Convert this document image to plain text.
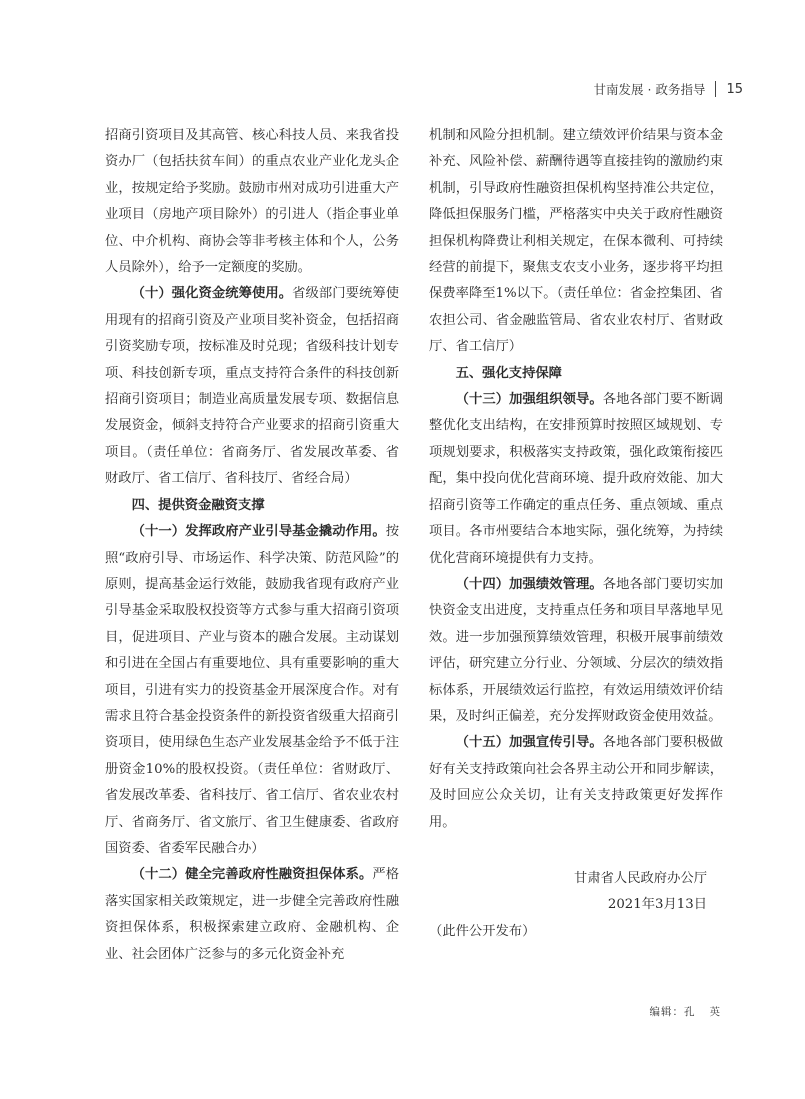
甘南发展 · 政务指导 15

招商引资项目及其高管、核心科技人员、来我省投资办厂（包括扶贫车间）的重点农业产业化龙头企业，按规定给予奖励。鼓励市州对成功引进重大产业项目（房地产项目除外）的引进人（指企事业单位、中介机构、商协会等非考核主体和个人，公务人员除外），给予一定额度的奖励。

（十）强化资金统筹使用。省级部门要统筹使用现有的招商引资及产业项目奖补资金，包括招商引资奖励专项，按标准及时兑现；省级科技计划专项、科技创新专项，重点支持符合条件的科技创新招商引资项目；制造业高质量发展专项、数据信息发展资金，倾斜支持符合产业要求的招商引资重大项目。（责任单位：省商务厅、省发展改革委、省财政厅、省工信厅、省科技厅、省经合局）

四、提供资金融资支撑

（十一）发挥政府产业引导基金撬动作用。按照“政府引导、市场运作、科学决策、防范风险”的原则，提高基金运行效能，鼓励我省现有政府产业引导基金采取股权投资等方式参与重大招商引资项目，促进项目、产业与资本的融合发展。主动谋划和引进在全国占有重要地位、具有重要影响的重大项目，引进有实力的投资基金开展深度合作。对有需求且符合基金投资条件的新投资省级重大招商引资项目，使用绿色生态产业发展基金给予不低于注册资金10%的股权投资。（责任单位：省财政厅、省发展改革委、省科技厅、省工信厅、省农业农村厅、省商务厅、省文旅厅、省卫生健康委、省政府国资委、省委军民融合办）

（十二）健全完善政府性融资担保体系。严格落实国家相关政策规定，进一步健全完善政府性融资担保体系，积极探索建立政府、金融机构、企业、社会团体广泛参与的多元化资金补充

机制和风险分担机制。建立绩效评价结果与资本金补充、风险补偿、薪酬待遇等直接挂钩的激励约束机制，引导政府性融资担保机构坚持准公共定位，降低担保服务门槛，严格落实中央关于政府性融资担保机构降费让利相关规定，在保本微利、可持续经营的前提下，聚焦支农支小业务，逐步将平均担保费率降至1%以下。（责任单位：省金控集团、省农担公司、省金融监管局、省农业农村厅、省财政厅、省工信厅）

五、强化支持保障

（十三）加强组织领导。各地各部门要不断调整优化支出结构，在安排预算时按照区域规划、专项规划要求，积极落实支持政策，强化政策衔接匹配，集中投向优化营商环境、提升政府效能、加大招商引资等工作确定的重点任务、重点领域、重点项目。各市州要结合本地实际，强化统筹，为持续优化营商环境提供有力支持。

（十四）加强绩效管理。各地各部门要切实加快资金支出进度，支持重点任务和项目早落地早见效。进一步加强预算绩效管理，积极开展事前绩效评估，研究建立分行业、分领域、分层次的绩效指标体系，开展绩效运行监控，有效运用绩效评价结果，及时纠正偏差，充分发挥财政资金使用效益。

（十五）加强宣传引导。各地各部门要积极做好有关支持政策向社会各界主动公开和同步解读，及时回应公众关切，让有关支持政策更好发挥作用。

甘肃省人民政府办公厅

2021年3月13日

（此件公开发布）

编辑：孔 英
